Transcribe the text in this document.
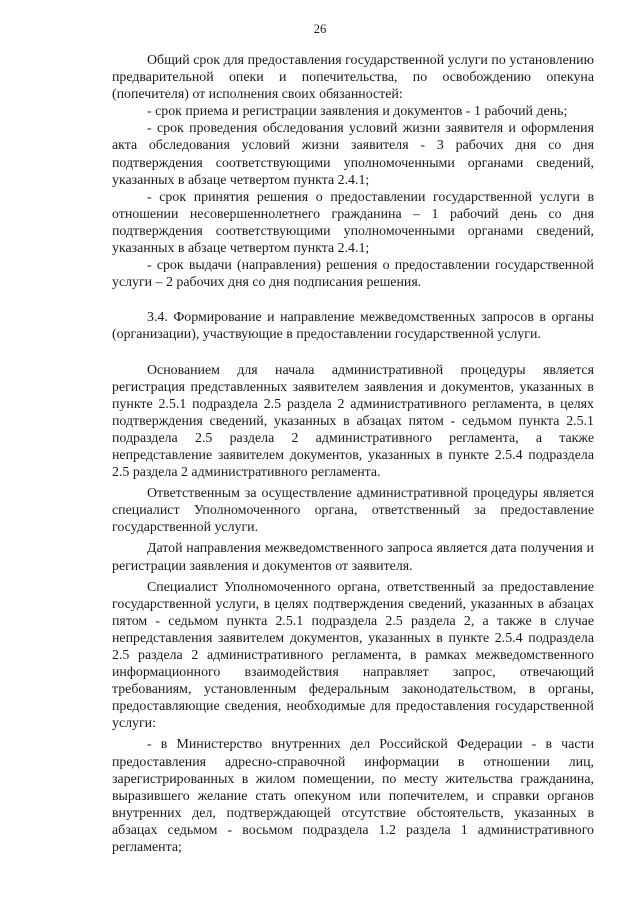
26

Общий срок для предоставления государственной услуги по установлению предварительной опеки и попечительства, по освобождению опекуна (попечителя) от исполнения своих обязанностей:

- срок приема и регистрации заявления и документов - 1 рабочий день;

- срок проведения обследования условий жизни заявителя и оформления акта обследования условий жизни заявителя - 3 рабочих дня со дня подтверждения соответствующими уполномоченными органами сведений, указанных в абзаце четвертом пункта 2.4.1;

- срок принятия решения о предоставлении государственной услуги в отношении несовершеннолетнего гражданина – 1 рабочий день со дня подтверждения соответствующими уполномоченными органами сведений, указанных в абзаце четвертом пункта 2.4.1;

- срок выдачи (направления) решения о предоставлении государственной услуги – 2 рабочих дня со дня подписания решения.

3.4. Формирование и направление межведомственных запросов в органы (организации), участвующие в предоставлении государственной услуги.

Основанием для начала административной процедуры является регистрация представленных заявителем заявления и документов, указанных в пункте 2.5.1 подраздела 2.5 раздела 2 административного регламента, в целях подтверждения сведений, указанных в абзацах пятом - седьмом пункта 2.5.1 подраздела 2.5 раздела 2 административного регламента, а также непредставление заявителем документов, указанных в пункте 2.5.4 подраздела 2.5 раздела 2 административного регламента.

Ответственным за осуществление административной процедуры является специалист Уполномоченного органа, ответственный за предоставление государственной услуги.

Датой направления межведомственного запроса является дата получения и регистрации заявления и документов от заявителя.

Специалист Уполномоченного органа, ответственный за предоставление государственной услуги, в целях подтверждения сведений, указанных в абзацах пятом - седьмом пункта 2.5.1 подраздела 2.5 раздела 2, а также в случае непредставления заявителем документов, указанных в пункте 2.5.4 подраздела 2.5 раздела 2 административного регламента, в рамках межведомственного информационного взаимодействия направляет запрос, отвечающий требованиям, установленным федеральным законодательством, в органы, предоставляющие сведения, необходимые для предоставления государственной услуги:

- в Министерство внутренних дел Российской Федерации - в части предоставления адресно-справочной информации в отношении лиц, зарегистрированных в жилом помещении, по месту жительства гражданина, выразившего желание стать опекуном или попечителем, и справки органов внутренних дел, подтверждающей отсутствие обстоятельств, указанных в абзацах седьмом - восьмом подраздела 1.2 раздела 1 административного регламента;
